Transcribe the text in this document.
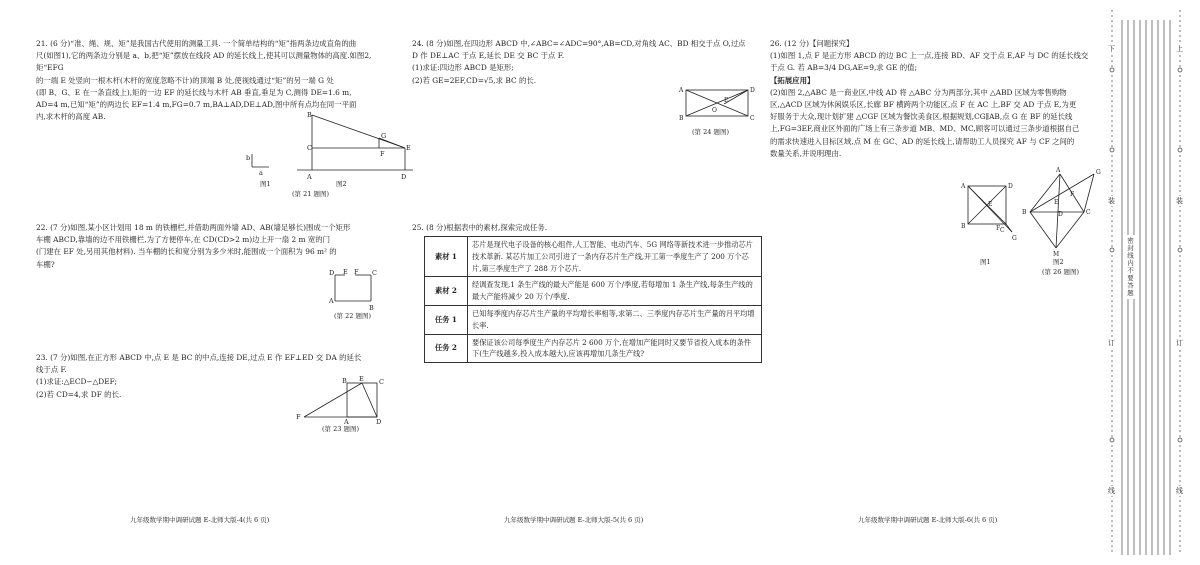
21. (6 分)“准、绳、规、矩”是我国古代使用的测量工具. 一个简单结构的“矩”指两条边成直角的曲

尺(如图1),它的两条边分别是 a、b,把“矩”摆放在线段 AD 的延长线上,使其可以测量物体的高度.如图2,矩“EFG

的一端 E 处竖向一根木杆(木杆的宽度忽略不计)的顶端 B 处,使视线通过“矩”的另一端 G 处

(即 B、G、E 在一条直线上),矩的一边 EF 的延长线与木杆 AB 垂直,垂足为 C,测得 DE=1.6 m,

AD=4 m,已知“矩”的两边长 EF=1.4 m,FG=0.7 m,BA⊥AD,DE⊥AD,图中所有点均在同一平面

内,求木杆的高度 AB.

b
a
B
C
A
G
F
E
D
图1	图2
(第 21 题图)

22. (7 分)如图,某小区计划用 18 m 的铁栅栏,并借助两面外墙 AD、AB(墙足够长)围成一个矩形

车棚 ABCD,靠墙的边不用铁栅栏,为了方便停车,在 CD(CD>2 m)边上开一扇 2 m 宽的门

(门建在 EF 处,另用其他材料). 当车棚的长和宽分别为多少米时,能围成一个面积为 96 m² 的

车棚?

D E F C
A
B
(第 22 题图)

23. (7 分)如图,在正方形 ABCD 中,点 E 是 BC 的中点,连接 DE,过点 E 作 EF⊥ED 交 DA 的延长

线于点 F.

(1)求证:△ECD∽△DEF;

(2)若 CD=4,求 DF 的长.

B E C
F
A	D
(第 23 题图)
九年级数学期中调研试题 E-北师大版-4(共 6 页)

24. (8 分)如图,在四边形 ABCD 中,∠ABC=∠ADC=90°,AB=CD,对角线 AC、BD 相交于点 O,过点

D 作 DE⊥AC 于点 E,延长 DE 交 BC 于点 F.

(1)求证:四边形 ABCD 是矩形;

(2)若 GE=2EF,CD=√5,求 BC 的长.

A	D
B	C
O
E
(第 24 题图)

25. (8 分)根据表中的素材,探索完成任务.

素材 1	芯片是现代电子设备的核心组件,人工智能、电动汽车、5G 网络等新技术进一步推动芯片技术革新. 某芯片加工公司引进了一条内存芯片生产线,开工第一季度生产了 200 万个芯片,第三季度生产了 288 万个芯片.
素材 2	经调查发现,1 条生产线的最大产能是 600 万个/季度,若每增加 1 条生产线,每条生产线的最大产能将减少 20 万个/季度.
任务 1	已知每季度内存芯片生产量的平均增长率相等,求第二、三季度内存芯片生产量的月平均增长率.
任务 2	要保证该公司每季度生产内存芯片 2 600 万个,在增加产能同时又要节省投入成本的条件下(生产线越多,投入成本越大),应该再增加几条生产线?
九年级数学期中调研试题 E-北师大版-5(共 6 页)

26. (12 分)【问题探究】

(1)如图 1,点 F 是正方形 ABCD 的边 BC 上一点,连接 BD、AF 交于点 E,AF 与 DC 的延长线交

于点 G. 若 AB=3/4 DG,AE=9,求 GE 的值;

【拓展应用】

(2)如图 2,△ABC 是一商业区,中线 AD 将 △ABC 分为两部分,其中 △ABD 区域为零售购物

区,△ACD 区域为休闲娱乐区,长廊 BF 横跨两个功能区,点 F 在 AC 上,BF 交 AD 于点 E,为更

好服务于大众,现计划扩建 △CGF 区域为餐饮美食区,根据规划,CG∥AB,点 G 在 BF 的延长线

上,FG=3EF,商业区外面的广场上有三条步道 MB、MD、MC,顾客可以通过三条步道根据自己

的需求快速进入目标区域,点 M 在 GC、AD 的延长线上,请帮助工人员探究 AF 与 CF 之间的

数量关系,并说明理由.

A	D
B
C
E
F
G
A	G
B	C
D
E
F
M
图1	图2
(第 26 题图)
九年级数学期中调研试题 E-北师大版-6(共 6 页)
下	上
装	装
密封线内不要答题
订	订
线	线
